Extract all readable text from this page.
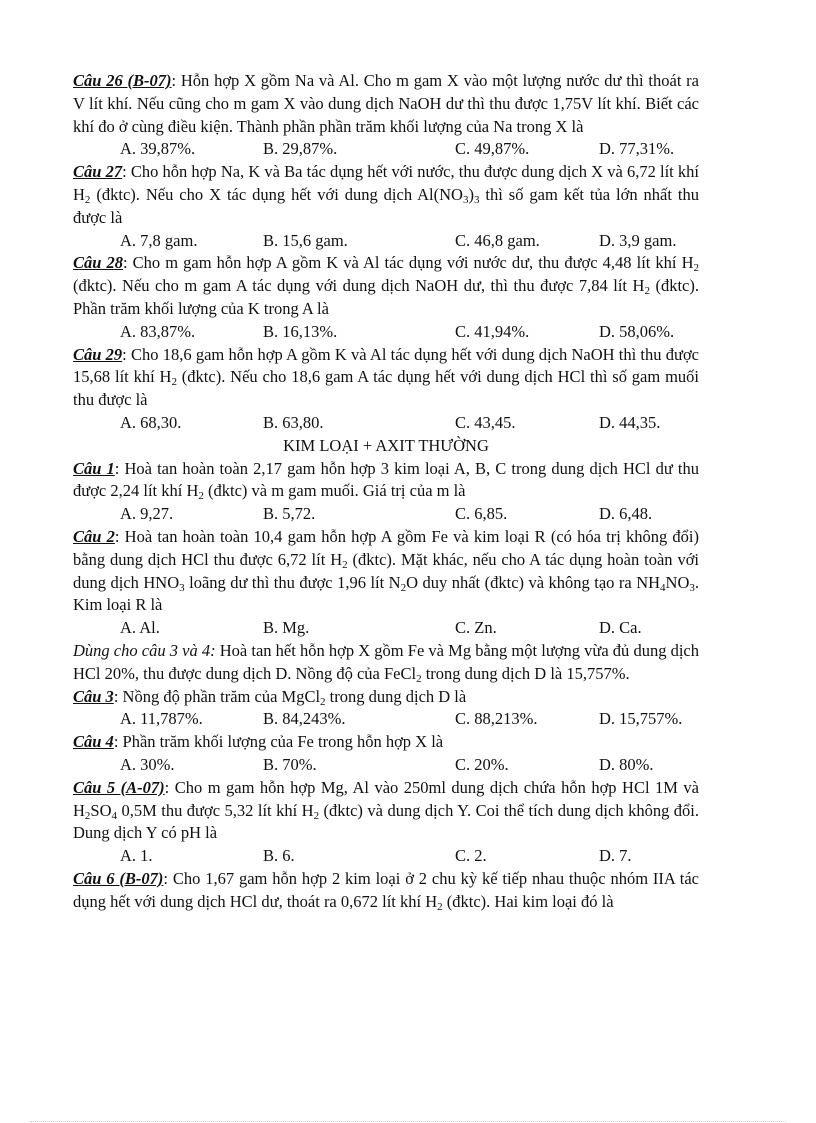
Câu 26 (B-07): Hỗn hợp X gồm Na và Al. Cho m gam X vào một lượng nước dư thì thoát ra V lít khí. Nếu cũng cho m gam X vào dung dịch NaOH dư thì thu được 1,75V lít khí. Biết các khí đo ở cùng điều kiện. Thành phần phần trăm khối lượng của Na trong X là
A. 39,87%.	B. 29,87%.	C. 49,87%.	D. 77,31%.
Câu 27: Cho hỗn hợp Na, K và Ba tác dụng hết với nước, thu được dung dịch X và 6,72 lít khí $H_2$ (đktc). Nếu cho X tác dụng hết với dung dịch $Al(NO_3)_3$ thì số gam kết tủa lớn nhất thu được là
A. 7,8 gam.	B. 15,6 gam.	C. 46,8 gam.	D. 3,9 gam.
Câu 28: Cho m gam hỗn hợp A gồm K và Al tác dụng với nước dư, thu được 4,48 lít khí $H_2$ (đktc). Nếu cho m gam A tác dụng với dung dịch NaOH dư, thì thu được 7,84 lít $H_2$ (đktc). Phần trăm khối lượng của K trong A là
A. 83,87%.	B. 16,13%.	C. 41,94%.	D. 58,06%.
Câu 29: Cho 18,6 gam hỗn hợp A gồm K và Al tác dụng hết với dung dịch NaOH thì thu được 15,68 lít khí $H_2$ (đktc). Nếu cho 18,6 gam A tác dụng hết với dung dịch HCl thì số gam muối thu được là
A. 68,30.	B. 63,80.	C. 43,45.	D. 44,35.
KIM LOẠI + AXIT THƯỜNG
Câu 1: Hoà tan hoàn toàn 2,17 gam hỗn hợp 3 kim loại A, B, C trong dung dịch HCl dư thu được 2,24 lít khí $H_2$ (đktc) và m gam muối. Giá trị của m là
A. 9,27.	B. 5,72.	C. 6,85.	D. 6,48.
Câu 2: Hoà tan hoàn toàn 10,4 gam hỗn hợp A gồm Fe và kim loại R (có hóa trị không đổi) bằng dung dịch HCl thu được 6,72 lít $H_2$ (đktc). Mặt khác, nếu cho A tác dụng hoàn toàn với dung dịch $HNO_3$ loãng dư thì thu được 1,96 lít $N_2O$ duy nhất (đktc) và không tạo ra $NH_4NO_3$. Kim loại R là
A. Al.	B. Mg.	C. Zn.	D. Ca.
Dùng cho câu 3 và 4: Hoà tan hết hỗn hợp X gồm Fe và Mg bằng một lượng vừa đủ dung dịch HCl 20%, thu được dung dịch D. Nồng độ của FeCl$_2$ trong dung dịch D là 15,757%.
Câu 3: Nồng độ phần trăm của MgCl$_2$ trong dung dịch D là
A. 11,787%.	B. 84,243%.	C. 88,213%.	D. 15,757%.
Câu 4: Phần trăm khối lượng của Fe trong hỗn hợp X là
A. 30%.	B. 70%.	C. 20%.	D. 80%.
Câu 5 (A-07): Cho m gam hỗn hợp Mg, Al vào 250ml dung dịch chứa hỗn hợp HCl 1M và $H_2SO_4$ 0,5M thu được 5,32 lít khí $H_2$ (đktc) và dung dịch Y. Coi thể tích dung dịch không đổi. Dung dịch Y có pH là
A. 1.	B. 6.	C. 2.	D. 7.
Câu 6 (B-07): Cho 1,67 gam hỗn hợp 2 kim loại ở 2 chu kỳ kế tiếp nhau thuộc nhóm IIA tác dụng hết với dung dịch HCl dư, thoát ra 0,672 lít khí $H_2$ (đktc). Hai kim loại đó là
